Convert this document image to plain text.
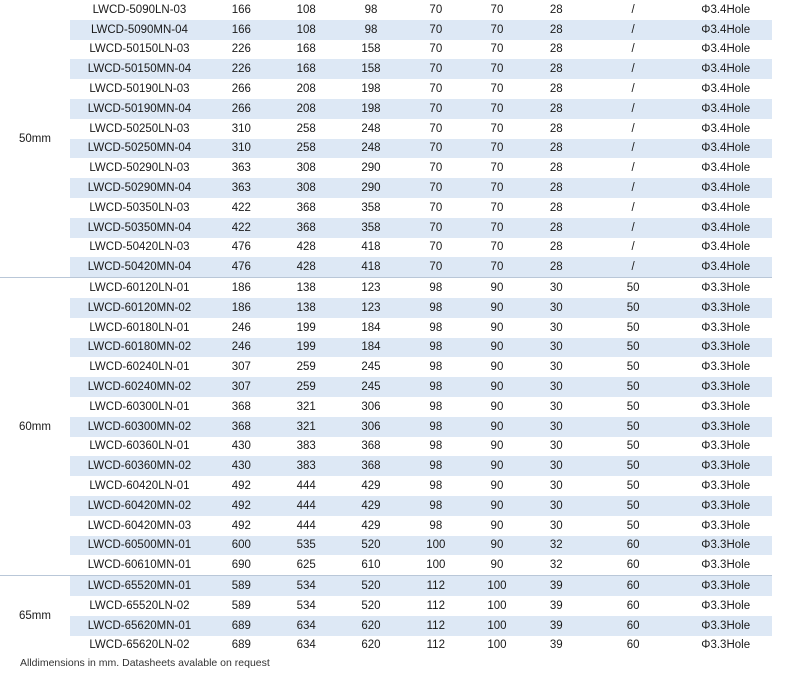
50mm
LWCD-5090LN-03	166	108	98	70	70	28	/	Φ3.4Hole
LWCD-5090MN-04	166	108	98	70	70	28	/	Φ3.4Hole
LWCD-50150LN-03	226	168	158	70	70	28	/	Φ3.4Hole
LWCD-50150MN-04	226	168	158	70	70	28	/	Φ3.4Hole
LWCD-50190LN-03	266	208	198	70	70	28	/	Φ3.4Hole
LWCD-50190MN-04	266	208	198	70	70	28	/	Φ3.4Hole
LWCD-50250LN-03	310	258	248	70	70	28	/	Φ3.4Hole
LWCD-50250MN-04	310	258	248	70	70	28	/	Φ3.4Hole
LWCD-50290LN-03	363	308	290	70	70	28	/	Φ3.4Hole
LWCD-50290MN-04	363	308	290	70	70	28	/	Φ3.4Hole
LWCD-50350LN-03	422	368	358	70	70	28	/	Φ3.4Hole
LWCD-50350MN-04	422	368	358	70	70	28	/	Φ3.4Hole
LWCD-50420LN-03	476	428	418	70	70	28	/	Φ3.4Hole
LWCD-50420MN-04	476	428	418	70	70	28	/	Φ3.4Hole
60mm
LWCD-60120LN-01	186	138	123	98	90	30	50	Φ3.3Hole
LWCD-60120MN-02	186	138	123	98	90	30	50	Φ3.3Hole
LWCD-60180LN-01	246	199	184	98	90	30	50	Φ3.3Hole
LWCD-60180MN-02	246	199	184	98	90	30	50	Φ3.3Hole
LWCD-60240LN-01	307	259	245	98	90	30	50	Φ3.3Hole
LWCD-60240MN-02	307	259	245	98	90	30	50	Φ3.3Hole
LWCD-60300LN-01	368	321	306	98	90	30	50	Φ3.3Hole
LWCD-60300MN-02	368	321	306	98	90	30	50	Φ3.3Hole
LWCD-60360LN-01	430	383	368	98	90	30	50	Φ3.3Hole
LWCD-60360MN-02	430	383	368	98	90	30	50	Φ3.3Hole
LWCD-60420LN-01	492	444	429	98	90	30	50	Φ3.3Hole
LWCD-60420MN-02	492	444	429	98	90	30	50	Φ3.3Hole
LWCD-60420MN-03	492	444	429	98	90	30	50	Φ3.3Hole
LWCD-60500MN-01	600	535	520	100	90	32	60	Φ3.3Hole
LWCD-60610MN-01	690	625	610	100	90	32	60	Φ3.3Hole
65mm
LWCD-65520MN-01	589	534	520	112	100	39	60	Φ3.3Hole
LWCD-65520LN-02	589	534	520	112	100	39	60	Φ3.3Hole
LWCD-65620MN-01	689	634	620	112	100	39	60	Φ3.3Hole
LWCD-65620LN-02	689	634	620	112	100	39	60	Φ3.3Hole
Alldimensions in mm. Datasheets avalable on request
